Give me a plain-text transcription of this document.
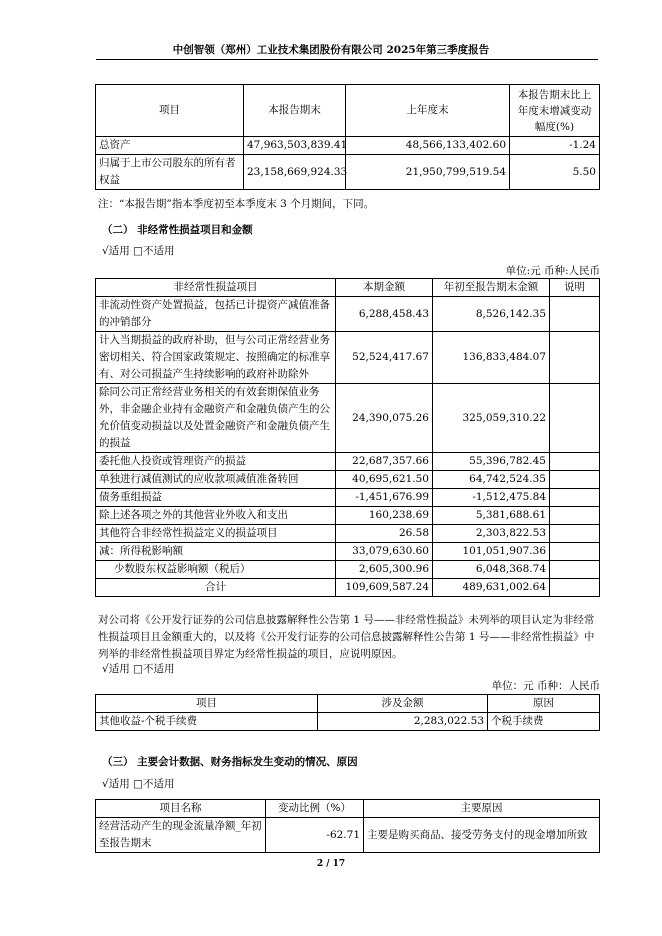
中创智领（郑州）工业技术集团股份有限公司 2025年第三季度报告
项目	本报告期末	上年度末	本报告期末比上年度末增减变动幅度(%)
总资产	47,963,503,839.41	48,566,133,402.60	-1.24
归属于上市公司股东的所有者权益	23,158,669,924.33	21,950,799,519.54	5.50
注：“本报告期”指本季度初至本季度末 3 个月期间，下同。
（二） 非经常性损益项目和金额
√适用 □不适用
单位:元 币种:人民币
非经常性损益项目	本期金额	年初至报告期末金额	说明
非流动性资产处置损益，包括已计提资产减值准备的冲销部分	6,288,458.43	8,526,142.35	
计入当期损益的政府补助，但与公司正常经营业务密切相关、符合国家政策规定、按照确定的标准享有、对公司损益产生持续影响的政府补助除外	52,524,417.67	136,833,484.07	
除同公司正常经营业务相关的有效套期保值业务外，非金融企业持有金融资产和金融负债产生的公允价值变动损益以及处置金融资产和金融负债产生的损益	24,390,075.26	325,059,310.22	
委托他人投资或管理资产的损益	22,687,357.66	55,396,782.45	
单独进行减值测试的应收款项减值准备转回	40,695,621.50	64,742,524.35	
债务重组损益	-1,451,676.99	-1,512,475.84	
除上述各项之外的其他营业外收入和支出	160,238.69	5,381,688.61	
其他符合非经常性损益定义的损益项目	26.58	2,303,822.53	
减：所得税影响额	33,079,630.60	101,051,907.36	
少数股东权益影响额（税后）	2,605,300.96	6,048,368.74	
合计	109,609,587.24	489,631,002.64	
对公司将《公开发行证券的公司信息披露解释性公告第 1 号——非经常性损益》未列举的项目认定为非经常性损益项目且金额重大的，以及将《公开发行证券的公司信息披露解释性公告第 1 号——非经常性损益》中列举的非经常性损益项目界定为经常性损益的项目，应说明原因。
√适用 □不适用
单位：元 币种：人民币
项目	涉及金额	原因
其他收益-个税手续费	2,283,022.53	个税手续费
（三） 主要会计数据、财务指标发生变动的情况、原因
√适用 □不适用
项目名称	变动比例（%）	主要原因
经营活动产生的现金流量净额_年初至报告期末	-62.71	主要是购买商品、接受劳务支付的现金增加所致
2 / 17
